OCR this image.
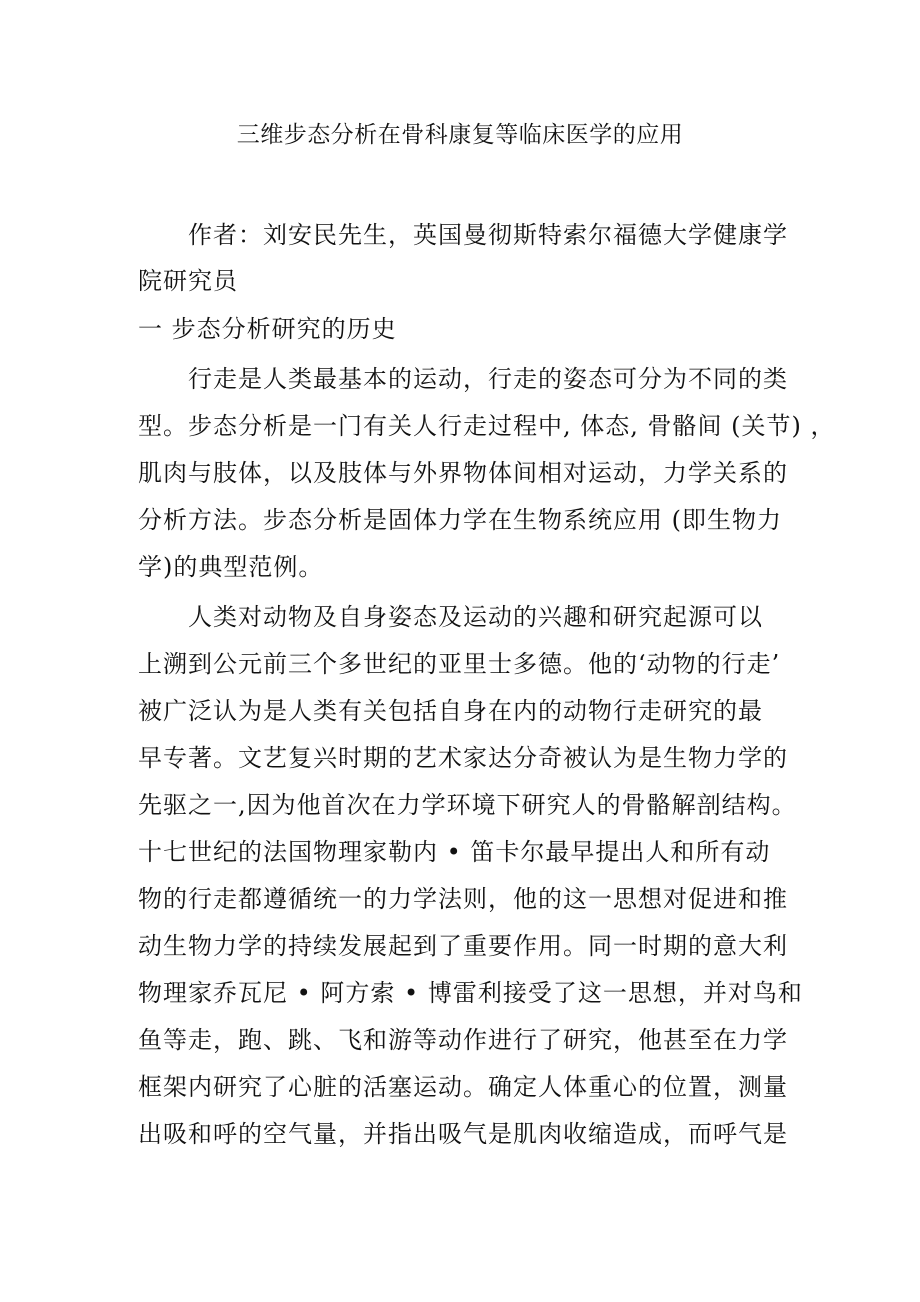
三维步态分析在骨科康复等临床医学的应用

作者：刘安民先生，英国曼彻斯特索尔福德大学健康学

院研究员

一 步态分析研究的历史

行走是人类最基本的运动，行走的姿态可分为不同的类

型。步态分析是一门有关人行走过程中, 体态, 骨骼间 (关节) ，

肌肉与肢体，以及肢体与外界物体间相对运动，力学关系的

分析方法。步态分析是固体力学在生物系统应用 (即生物力

学)的典型范例。

人类对动物及自身姿态及运动的兴趣和研究起源可以

上溯到公元前三个多世纪的亚里士多德。他的‘动物的行走’

被广泛认为是人类有关包括自身在内的动物行走研究的最

早专著。文艺复兴时期的艺术家达分奇被认为是生物力学的

先驱之一,因为他首次在力学环境下研究人的骨骼解剖结构。

十七世纪的法国物理家勒内 • 笛卡尔最早提出人和所有动

物的行走都遵循统一的力学法则，他的这一思想对促进和推

动生物力学的持续发展起到了重要作用。同一时期的意大利

物理家乔瓦尼 • 阿方索 • 博雷利接受了这一思想，并对鸟和

鱼等走，跑、跳、飞和游等动作进行了研究，他甚至在力学

框架内研究了心脏的活塞运动。确定人体重心的位置，测量

出吸和呼的空气量，并指出吸气是肌肉收缩造成，而呼气是
